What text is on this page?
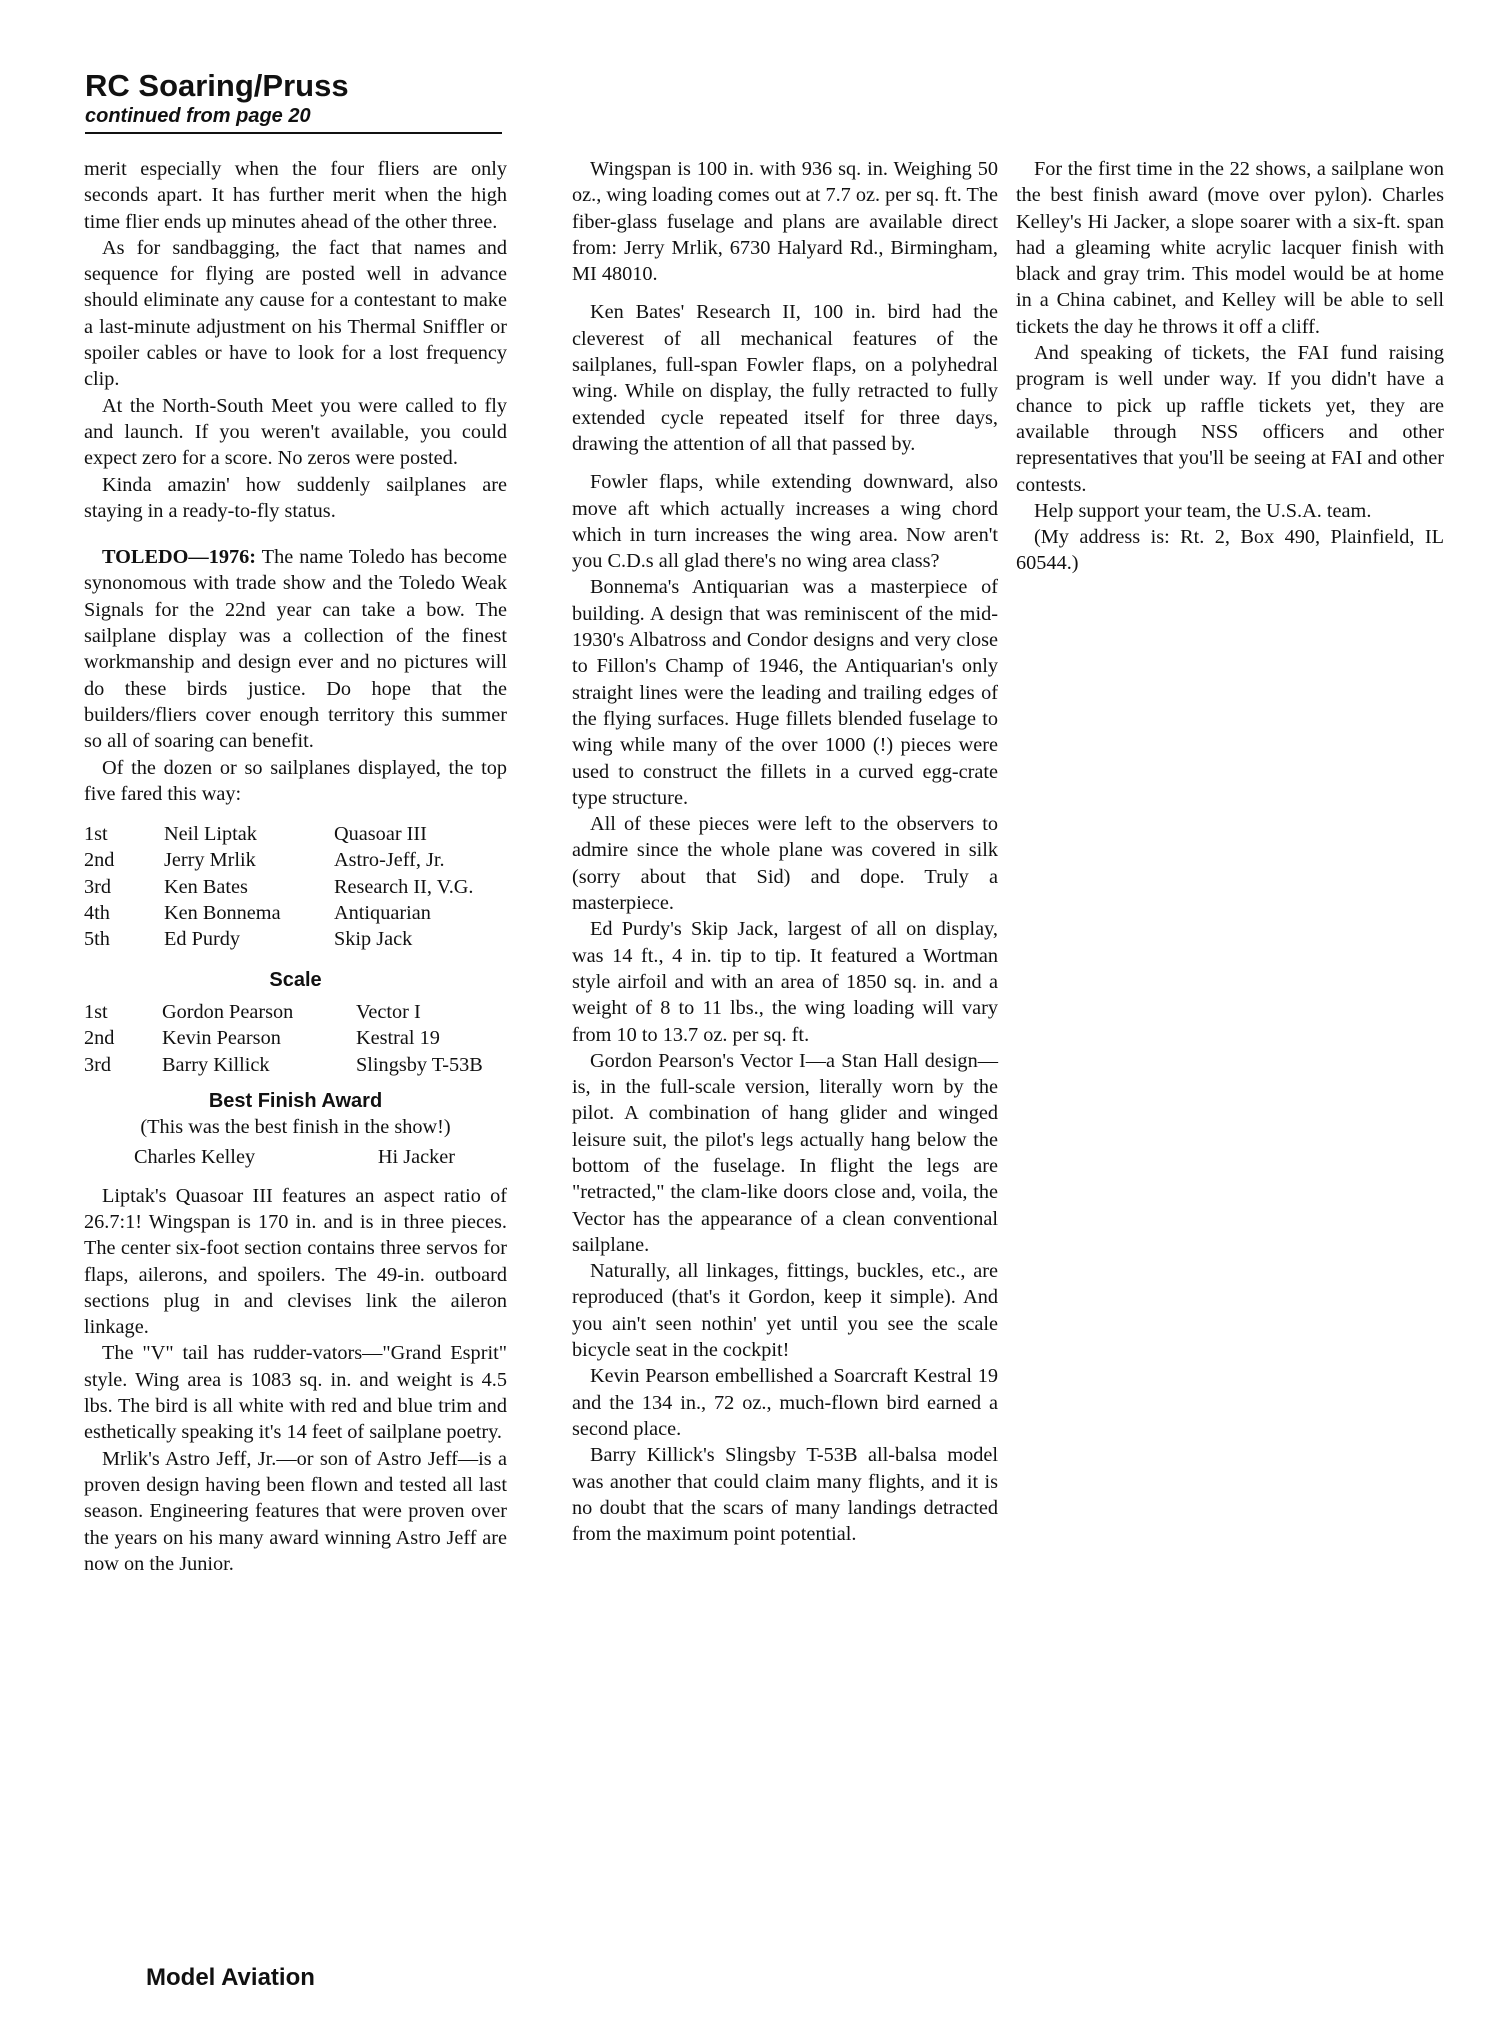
RC Soaring/Pruss
continued from page 20

merit especially when the four fliers are only seconds apart. It has further merit when the high time flier ends up minutes ahead of the other three.

As for sandbagging, the fact that names and sequence for flying are posted well in advance should eliminate any cause for a contestant to make a last-minute adjustment on his Thermal Sniffler or spoiler cables or have to look for a lost frequency clip.

At the North-South Meet you were called to fly and launch. If you weren't available, you could expect zero for a score. No zeros were posted.

Kinda amazin' how suddenly sailplanes are staying in a ready-to-fly status.

TOLEDO—1976: The name Toledo has become synonomous with trade show and the Toledo Weak Signals for the 22nd year can take a bow. The sailplane display was a collection of the finest workmanship and design ever and no pictures will do these birds justice. Do hope that the builders/fliers cover enough territory this summer so all of soaring can benefit.

Of the dozen or so sailplanes displayed, the top five fared this way:

1st	Neil Liptak	Quasoar III
2nd	Jerry Mrlik	Astro-Jeff, Jr.
3rd	Ken Bates	Research II, V.G.
4th	Ken Bonnema	Antiquarian
5th	Ed Purdy	Skip Jack
Scale
1st	Gordon Pearson	Vector I
2nd	Kevin Pearson	Kestral 19
3rd	Barry Killick	Slingsby T-53B
Best Finish Award
(This was the best finish in the show!)
Charles Kelley	Hi Jacker

Liptak's Quasoar III features an aspect ratio of 26.7:1! Wingspan is 170 in. and is in three pieces. The center six-foot section contains three servos for flaps, ailerons, and spoilers. The 49-in. outboard sections plug in and clevises link the aileron linkage.

The "V" tail has rudder-vators—"Grand Esprit" style. Wing area is 1083 sq. in. and weight is 4.5 lbs. The bird is all white with red and blue trim and esthetically speaking it's 14 feet of sailplane poetry.

Mrlik's Astro Jeff, Jr.—or son of Astro Jeff—is a proven design having been flown and tested all last season. Engineering features that were proven over the years on his many award winning Astro Jeff are now on the Junior.

Wingspan is 100 in. with 936 sq. in. Weighing 50 oz., wing loading comes out at 7.7 oz. per sq. ft. The fiber-glass fuselage and plans are available direct from: Jerry Mrlik, 6730 Halyard Rd., Birmingham, MI 48010.

Ken Bates' Research II, 100 in. bird had the cleverest of all mechanical features of the sailplanes, full-span Fowler flaps, on a polyhedral wing. While on display, the fully retracted to fully extended cycle repeated itself for three days, drawing the attention of all that passed by.

Fowler flaps, while extending downward, also move aft which actually increases a wing chord which in turn increases the wing area. Now aren't you C.D.s all glad there's no wing area class?

Bonnema's Antiquarian was a masterpiece of building. A design that was reminiscent of the mid-1930's Albatross and Condor designs and very close to Fillon's Champ of 1946, the Antiquarian's only straight lines were the leading and trailing edges of the flying surfaces. Huge fillets blended fuselage to wing while many of the over 1000 (!) pieces were used to construct the fillets in a curved egg-crate type structure.

All of these pieces were left to the observers to admire since the whole plane was covered in silk (sorry about that Sid) and dope. Truly a masterpiece.

Ed Purdy's Skip Jack, largest of all on display, was 14 ft., 4 in. tip to tip. It featured a Wortman style airfoil and with an area of 1850 sq. in. and a weight of 8 to 11 lbs., the wing loading will vary from 10 to 13.7 oz. per sq. ft.

Gordon Pearson's Vector I—a Stan Hall design—is, in the full-scale version, literally worn by the pilot. A combination of hang glider and winged leisure suit, the pilot's legs actually hang below the bottom of the fuselage. In flight the legs are "retracted," the clam-like doors close and, voila, the Vector has the appearance of a clean conventional sailplane.

Naturally, all linkages, fittings, buckles, etc., are reproduced (that's it Gordon, keep it simple). And you ain't seen nothin' yet until you see the scale bicycle seat in the cockpit!

Kevin Pearson embellished a Soarcraft Kestral 19 and the 134 in., 72 oz., much-flown bird earned a second place.

Barry Killick's Slingsby T-53B all-balsa model was another that could claim many flights, and it is no doubt that the scars of many landings detracted from the maximum point potential.

For the first time in the 22 shows, a sailplane won the best finish award (move over pylon). Charles Kelley's Hi Jacker, a slope soarer with a six-ft. span had a gleaming white acrylic lacquer finish with black and gray trim. This model would be at home in a China cabinet, and Kelley will be able to sell tickets the day he throws it off a cliff.

And speaking of tickets, the FAI fund raising program is well under way. If you didn't have a chance to pick up raffle tickets yet, they are available through NSS officers and other representatives that you'll be seeing at FAI and other contests.

Help support your team, the U.S.A. team.

(My address is: Rt. 2, Box 490, Plainfield, IL 60544.)

Model Aviation
